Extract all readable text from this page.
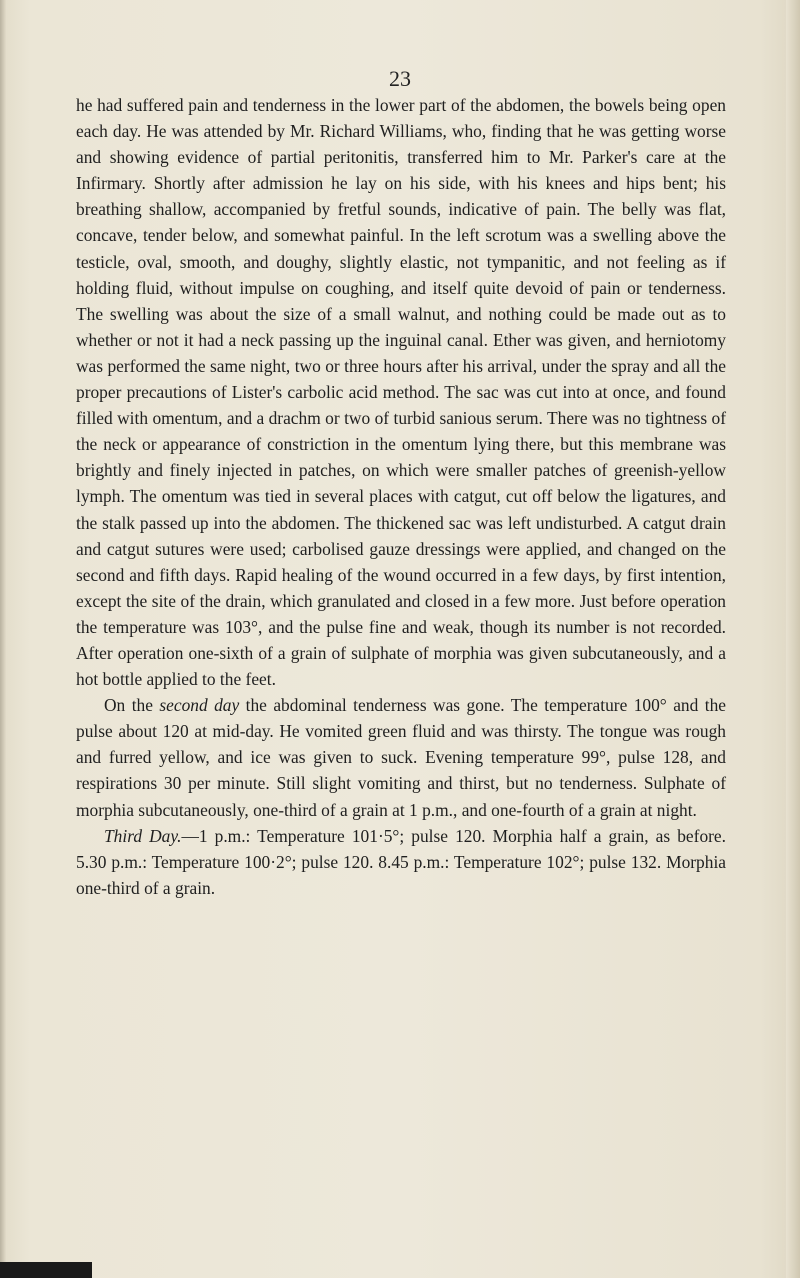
23

he had suffered pain and tenderness in the lower part of the abdomen, the bowels being open each day. He was attended by Mr. Richard Williams, who, finding that he was getting worse and showing evidence of partial peritonitis, transferred him to Mr. Parker's care at the Infirmary. Shortly after admission he lay on his side, with his knees and hips bent; his breathing shallow, accompanied by fretful sounds, indicative of pain. The belly was flat, concave, tender below, and somewhat painful. In the left scrotum was a swelling above the testicle, oval, smooth, and doughy, slightly elastic, not tympanitic, and not feeling as if holding fluid, without impulse on coughing, and itself quite devoid of pain or tenderness. The swelling was about the size of a small walnut, and nothing could be made out as to whether or not it had a neck passing up the inguinal canal. Ether was given, and herniotomy was performed the same night, two or three hours after his arrival, under the spray and all the proper precautions of Lister's carbolic acid method. The sac was cut into at once, and found filled with omentum, and a drachm or two of turbid sanious serum. There was no tightness of the neck or appearance of constriction in the omentum lying there, but this membrane was brightly and finely injected in patches, on which were smaller patches of greenish-yellow lymph. The omentum was tied in several places with catgut, cut off below the ligatures, and the stalk passed up into the abdomen. The thickened sac was left undisturbed. A catgut drain and catgut sutures were used; carbolised gauze dressings were applied, and changed on the second and fifth days. Rapid healing of the wound occurred in a few days, by first intention, except the site of the drain, which granulated and closed in a few more. Just before operation the temperature was 103°, and the pulse fine and weak, though its number is not recorded. After operation one-sixth of a grain of sulphate of morphia was given subcutaneously, and a hot bottle applied to the feet.

On the second day the abdominal tenderness was gone. The temperature 100° and the pulse about 120 at mid-day. He vomited green fluid and was thirsty. The tongue was rough and furred yellow, and ice was given to suck. Evening temperature 99°, pulse 128, and respirations 30 per minute. Still slight vomiting and thirst, but no tenderness. Sulphate of morphia subcutaneously, one-third of a grain at 1 p.m., and one-fourth of a grain at night.

Third Day.—1 p.m.: Temperature 101·5°; pulse 120. Morphia half a grain, as before. 5.30 p.m.: Temperature 100·2°; pulse 120. 8.45 p.m.: Temperature 102°; pulse 132. Morphia one-third of a grain.
